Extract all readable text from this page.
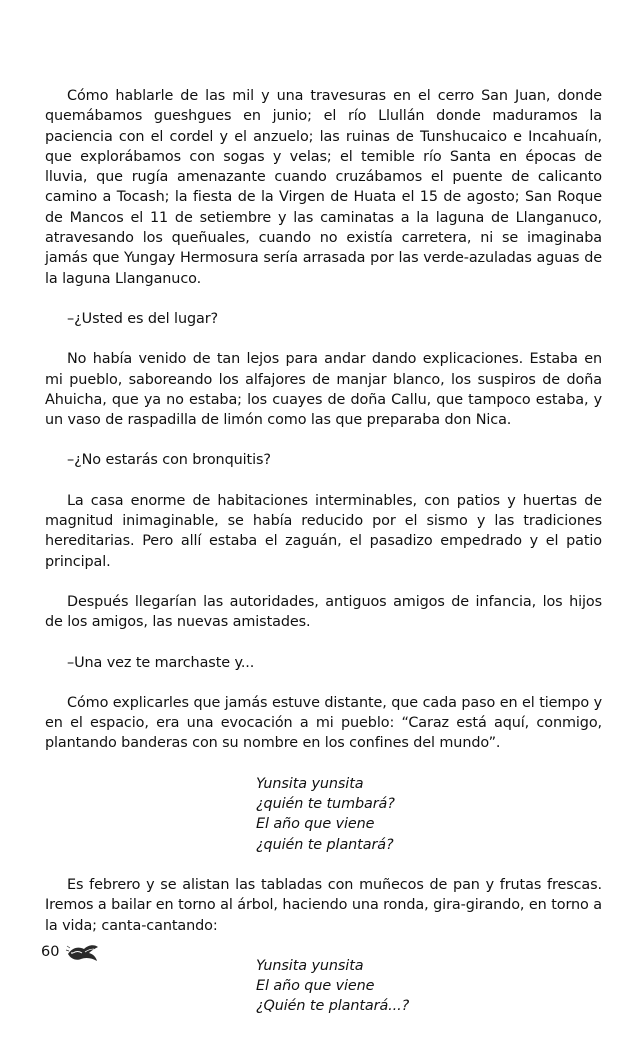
Cómo hablarle de las mil y una travesuras en el cerro San Juan, donde quemábamos gueshgues en junio; el río Llullán donde maduramos la paciencia con el cordel y el anzuelo; las ruinas de Tunshucaico e Incahuaín, que explorábamos con sogas y velas; el temible río Santa en épocas de lluvia, que rugía amenazante cuando cruzábamos el puente de calicanto camino a Tocash; la fiesta de la Virgen de Huata el 15 de agosto; San Roque de Mancos el 11 de setiembre y las caminatas a la laguna de Llanganuco, atravesando los queñuales, cuando no existía carretera, ni se imaginaba jamás que Yungay Hermosura sería arrasada por las verde-azuladas aguas de la laguna Llanganuco.

–¿Usted es del lugar?

No había venido de tan lejos para andar dando explicaciones. Estaba en mi pueblo, saboreando los alfajores de manjar blanco, los suspiros de doña Ahuicha, que ya no estaba; los cuayes de doña Callu, que tampoco estaba, y un vaso de raspadilla de limón como las que preparaba don Nica.

–¿No estarás con bronquitis?

La casa enorme de habitaciones interminables, con patios y huertas de magnitud inimaginable, se había reducido por el sismo y las tradiciones hereditarias. Pero allí estaba el zaguán, el pasadizo empedrado y el patio principal.

Después llegarían las autoridades, antiguos amigos de infancia, los hijos de los amigos, las nuevas amistades.

–Una vez te marchaste y...

Cómo explicarles que jamás estuve distante, que cada paso en el tiempo y en el espacio, era una evocación a mi pueblo: “Caraz está aquí, conmigo, plantando banderas con su nombre en los confines del mundo”.

Yunsita yunsita
¿quién te tumbará?
El año que viene
¿quién te plantará?

Es febrero y se alistan las tabladas con muñecos de pan y frutas frescas. Iremos a bailar en torno al árbol, haciendo una ronda, gira-girando, en torno a la vida; canta-cantando:

Yunsita yunsita
El año que viene
¿Quién te plantará...?
60
